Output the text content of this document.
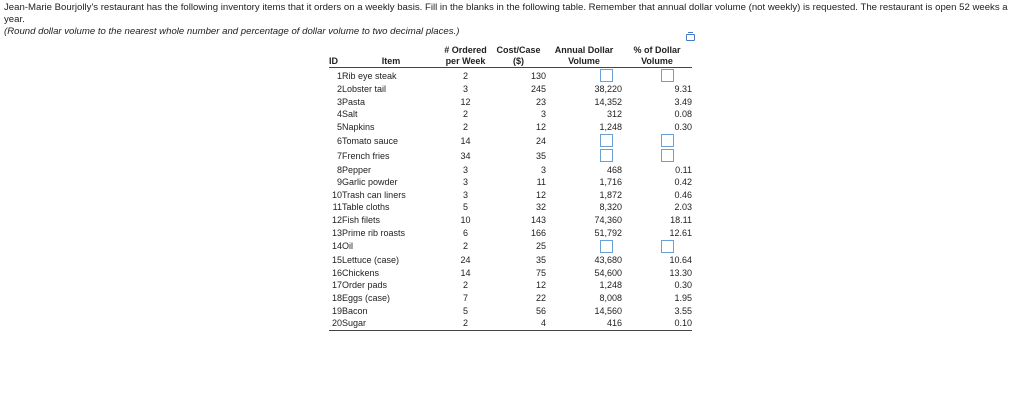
Jean-Marie Bourjolly's restaurant has the following inventory items that it orders on a weekly basis. Fill in the blanks in the following table. Remember that annual dollar volume (not weekly) is requested. The restaurant is open 52 weeks a year.
(Round dollar volume to the nearest whole number and percentage of dollar volume to two decimal places.)
ID	Item	# Ordered per Week	Cost/Case ($)	Annual Dollar Volume	% of Dollar Volume
1	Rib eye steak	2	130		
2	Lobster tail	3	245	38,220	9.31
3	Pasta	12	23	14,352	3.49
4	Salt	2	3	312	0.08
5	Napkins	2	12	1,248	0.30
6	Tomato sauce	14	24		
7	French fries	34	35		
8	Pepper	3	3	468	0.11
9	Garlic powder	3	11	1,716	0.42
10	Trash can liners	3	12	1,872	0.46
11	Table cloths	5	32	8,320	2.03
12	Fish filets	10	143	74,360	18.11
13	Prime rib roasts	6	166	51,792	12.61
14	Oil	2	25		
15	Lettuce (case)	24	35	43,680	10.64
16	Chickens	14	75	54,600	13.30
17	Order pads	2	12	1,248	0.30
18	Eggs (case)	7	22	8,008	1.95
19	Bacon	5	56	14,560	3.55
20	Sugar	2	4	416	0.10
